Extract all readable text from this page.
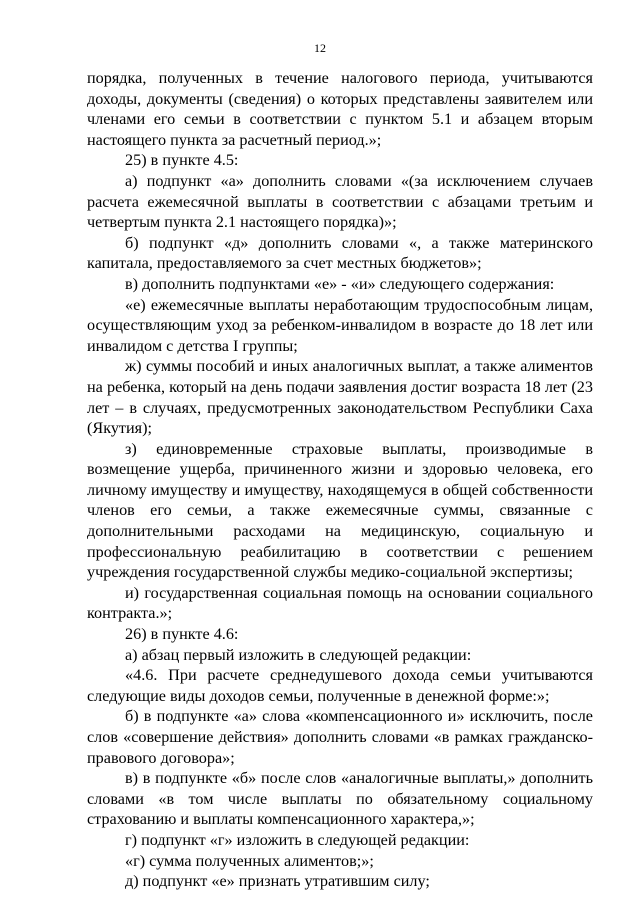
12

порядка, полученных в течение налогового периода, учитываются доходы, документы (сведения) о которых представлены заявителем или членами его семьи в соответствии с пунктом 5.1 и абзацем вторым настоящего пункта за расчетный период.»;

25) в пункте 4.5:

а) подпункт «а» дополнить словами «(за исключением случаев расчета ежемесячной выплаты в соответствии с абзацами третьим и четвертым пункта 2.1 настоящего порядка)»;

б) подпункт «д» дополнить словами «, а также материнского капитала, предоставляемого за счет местных бюджетов»;

в) дополнить подпунктами «е» - «и» следующего содержания:

«е) ежемесячные выплаты неработающим трудоспособным лицам, осуществляющим уход за ребенком-инвалидом в возрасте до 18 лет или инвалидом с детства I группы;

ж) суммы пособий и иных аналогичных выплат, а также алиментов на ребенка, который на день подачи заявления достиг возраста 18 лет (23 лет – в случаях, предусмотренных законодательством Республики Саха (Якутия);

з) единовременные страховые выплаты, производимые в возмещение ущерба, причиненного жизни и здоровью человека, его личному имуществу и имуществу, находящемуся в общей собственности членов его семьи, а также ежемесячные суммы, связанные с дополнительными расходами на медицинскую, социальную и профессиональную реабилитацию в соответствии с решением учреждения государственной службы медико-социальной экспертизы;

и) государственная социальная помощь на основании социального контракта.»;

26) в пункте 4.6:

а) абзац первый изложить в следующей редакции:

«4.6. При расчете среднедушевого дохода семьи учитываются следующие виды доходов семьи, полученные в денежной форме:»;

б) в подпункте «а» слова «компенсационного и» исключить, после слов «совершение действия» дополнить словами «в рамках гражданско-правового договора»;

в) в подпункте «б» после слов «аналогичные выплаты,» дополнить словами «в том числе выплаты по обязательному социальному страхованию и выплаты компенсационного характера,»;

г) подпункт «г» изложить в следующей редакции:

«г) сумма полученных алиментов;»;

д) подпункт «е» признать утратившим силу;
